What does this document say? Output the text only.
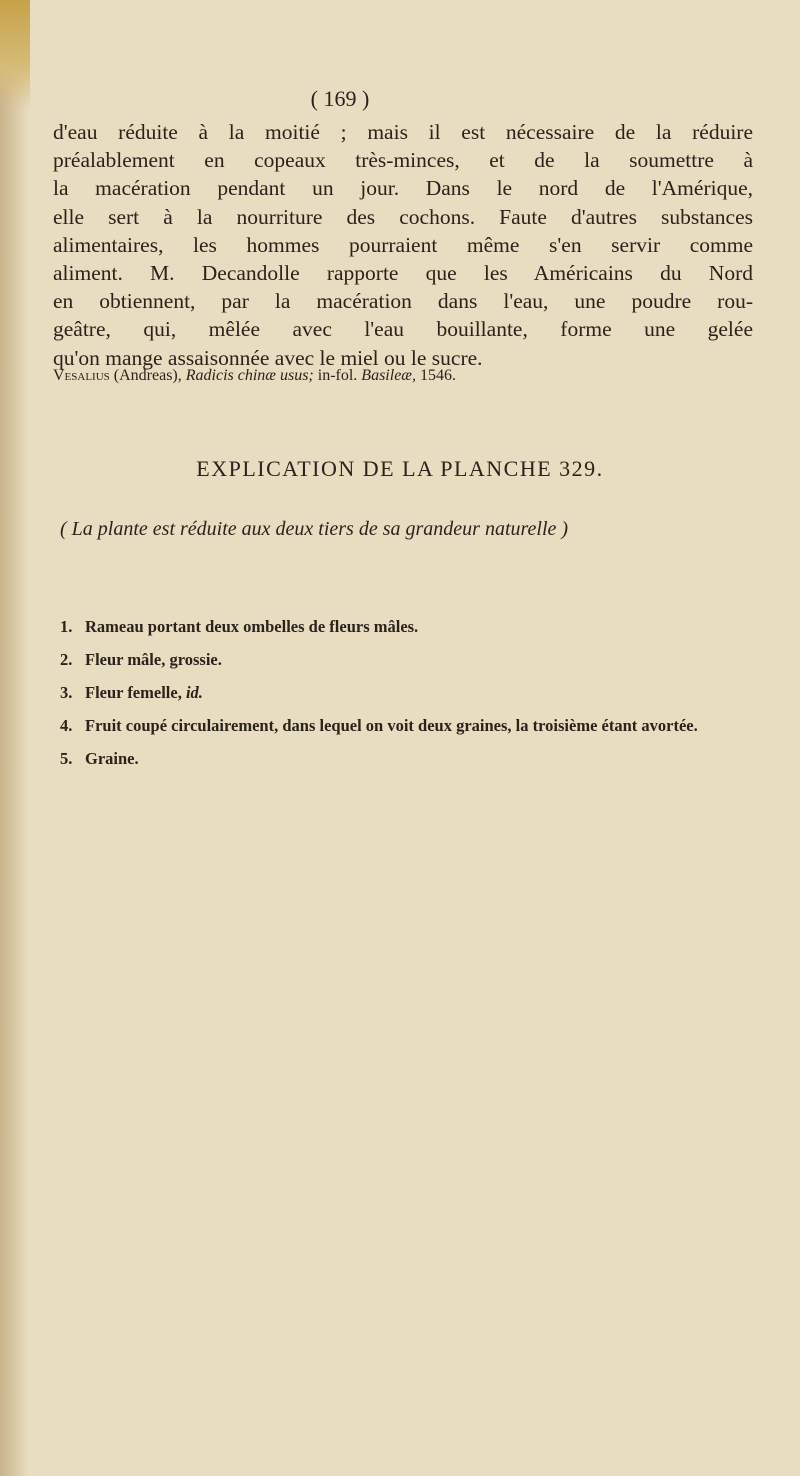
( 169 )
d'eau réduite à la moitié ; mais il est nécessaire de la réduire
préalablement en copeaux très-minces, et de la soumettre à
la macération pendant un jour. Dans le nord de l'Amérique,
elle sert à la nourriture des cochons. Faute d'autres substances
alimentaires, les hommes pourraient même s'en servir comme
aliment. M. Decandolle rapporte que les Américains du Nord
en obtiennent, par la macération dans l'eau, une poudre rou-
geâtre, qui, mêlée avec l'eau bouillante, forme une gelée
qu'on mange assaisonnée avec le miel ou le sucre.
Vesalius (Andreas), Radicis chinæ usus; in-fol. Basileæ, 1546.
EXPLICATION DE LA PLANCHE 329.
( La plante est réduite aux deux tiers de sa grandeur naturelle )
1. Rameau portant deux ombelles de fleurs mâles.
2. Fleur mâle, grossie.
3. Fleur femelle, id.
4. Fruit coupé circulairement, dans lequel on voit deux graines, la troisième étant avortée.
5. Graine.
